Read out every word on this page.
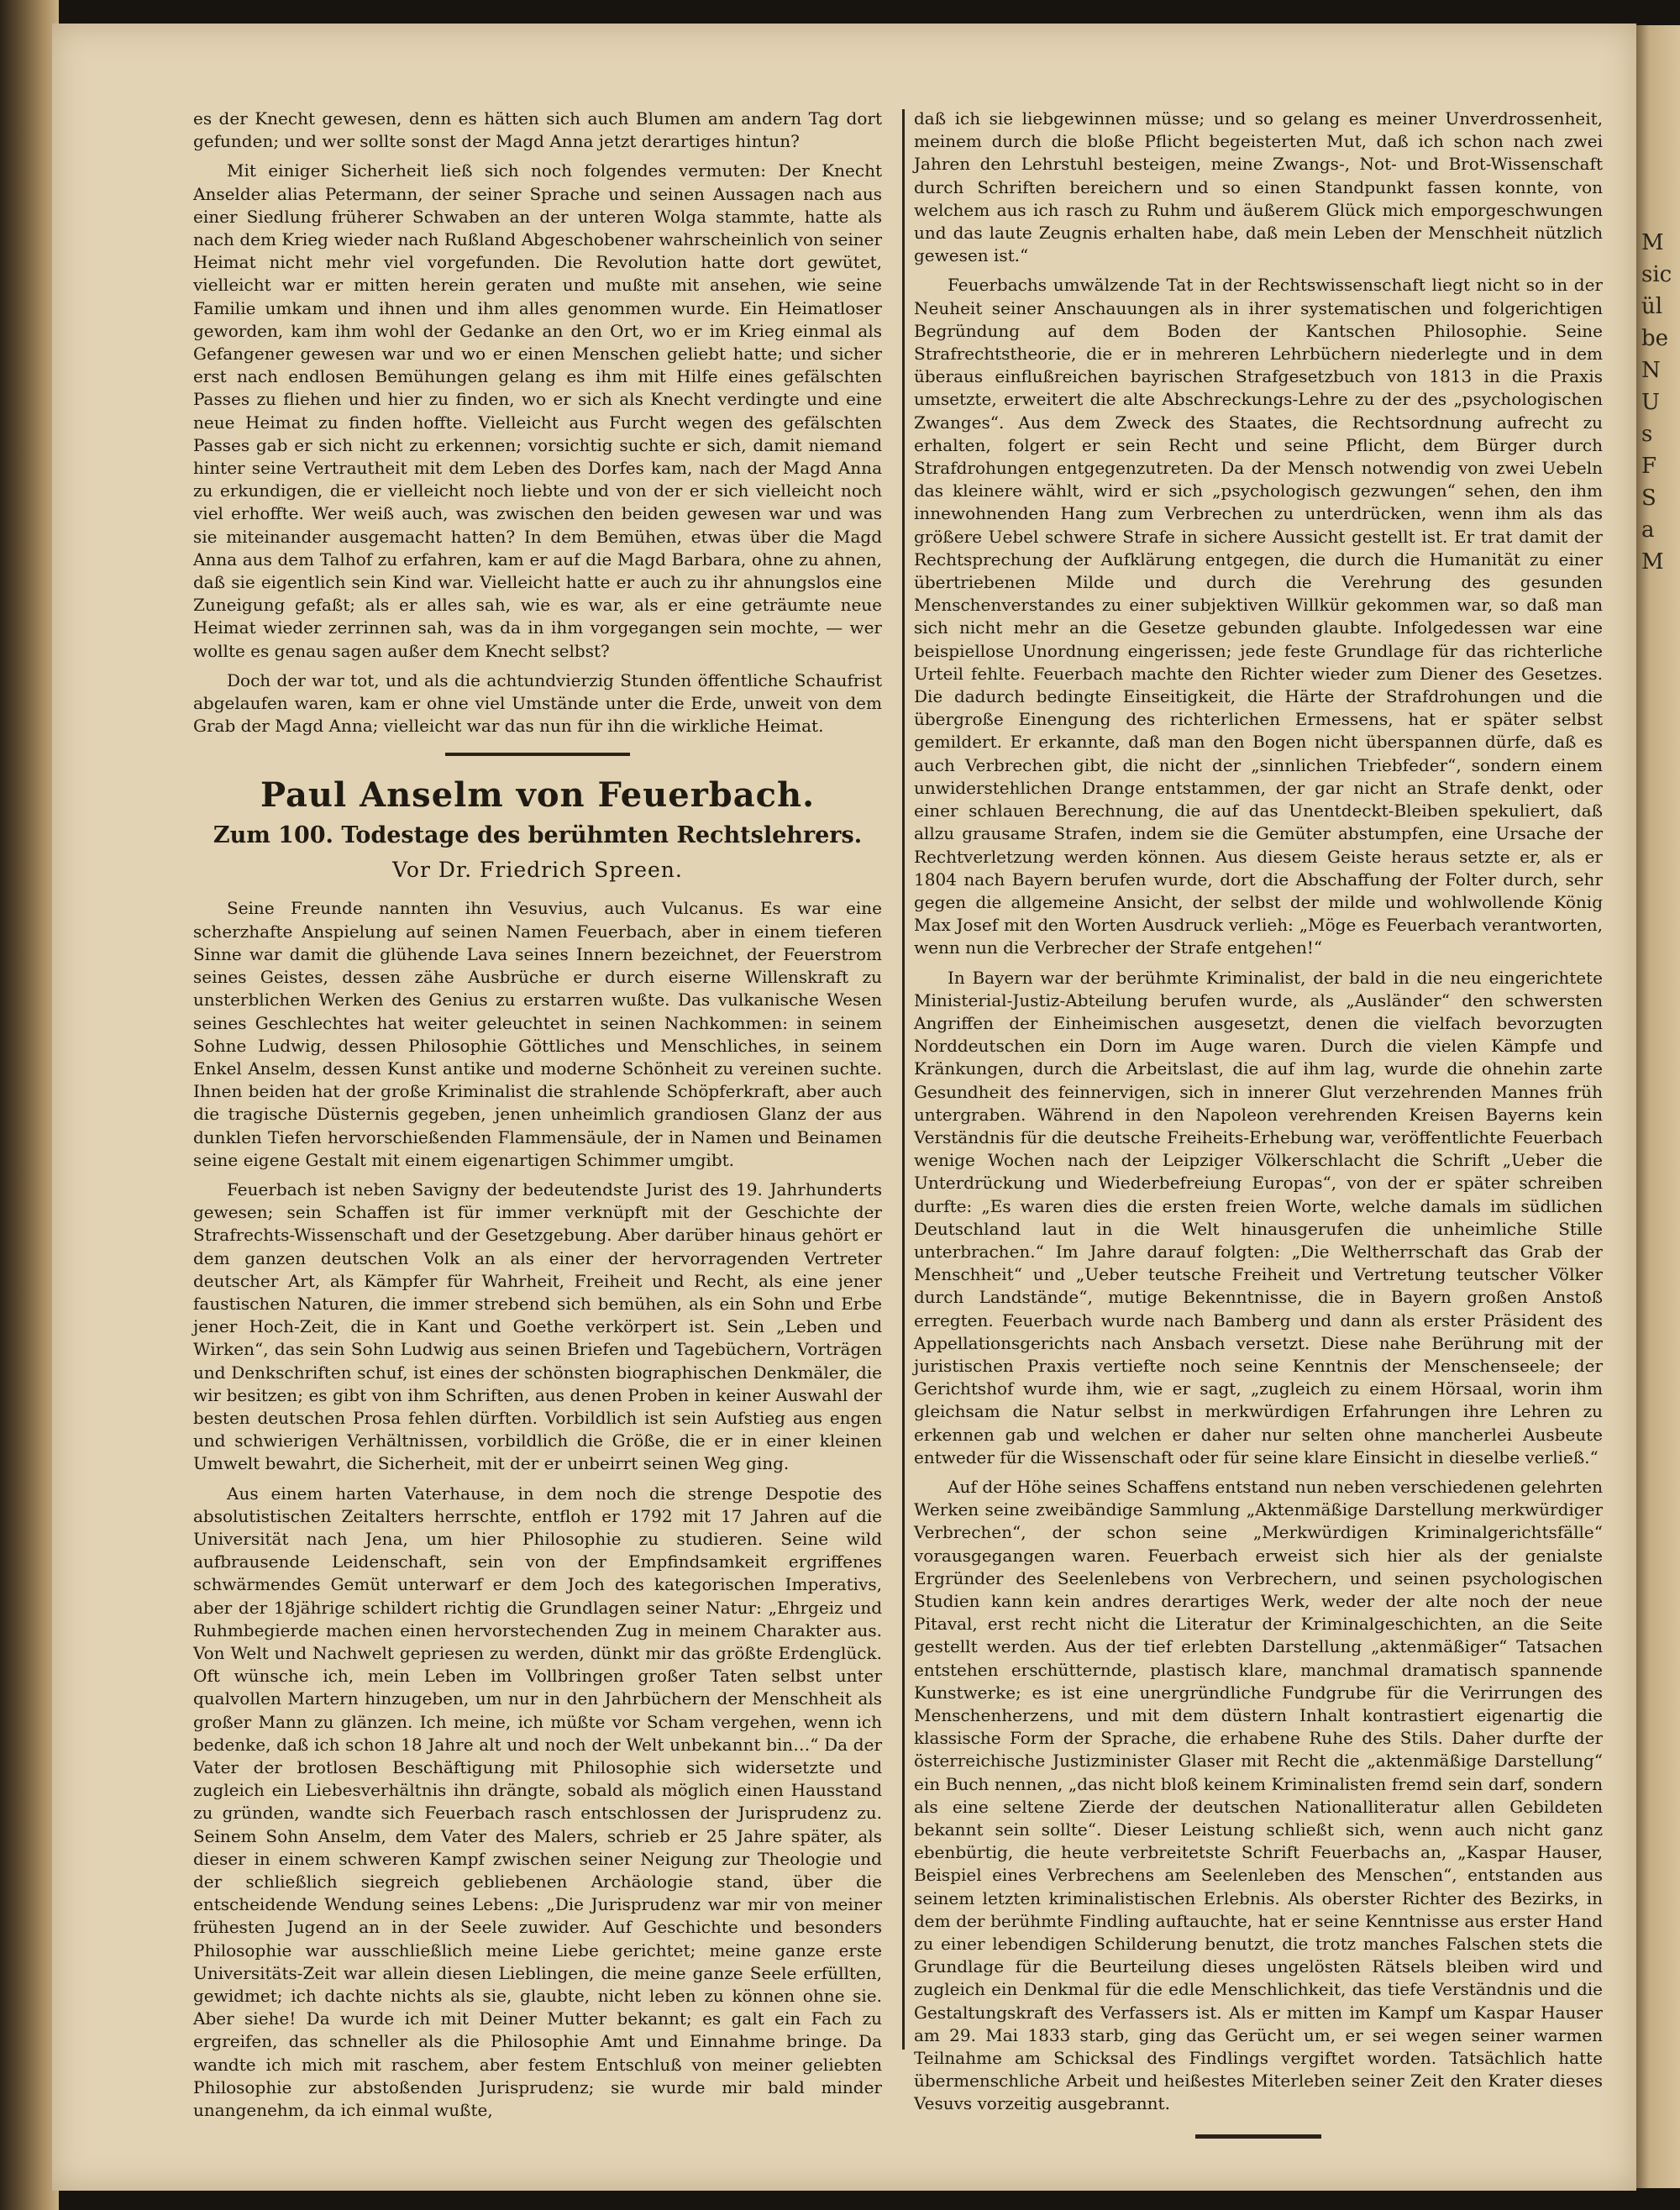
M

sic

ül

be

N

U

s

F

S

a

M

es der Knecht gewesen, denn es hätten sich auch Blumen am andern Tag dort gefunden; und wer sollte sonst der Magd Anna jetzt derartiges hintun?

Mit einiger Sicherheit ließ sich noch folgendes vermuten: Der Knecht Anselder alias Petermann, der seiner Sprache und seinen Aussagen nach aus einer Siedlung früherer Schwaben an der unteren Wolga stammte, hatte als nach dem Krieg wieder nach Rußland Abgeschobener wahrscheinlich von seiner Heimat nicht mehr viel vorgefunden. Die Revolution hatte dort gewütet, vielleicht war er mitten herein geraten und mußte mit ansehen, wie seine Familie umkam und ihnen und ihm alles genommen wurde. Ein Heimatloser geworden, kam ihm wohl der Gedanke an den Ort, wo er im Krieg einmal als Gefangener gewesen war und wo er einen Menschen geliebt hatte; und sicher erst nach endlosen Bemühungen gelang es ihm mit Hilfe eines gefälschten Passes zu fliehen und hier zu finden, wo er sich als Knecht verdingte und eine neue Heimat zu finden hoffte. Vielleicht aus Furcht wegen des gefälschten Passes gab er sich nicht zu erkennen; vorsichtig suchte er sich, damit niemand hinter seine Vertrautheit mit dem Leben des Dorfes kam, nach der Magd Anna zu erkundigen, die er vielleicht noch liebte und von der er sich vielleicht noch viel erhoffte. Wer weiß auch, was zwischen den beiden gewesen war und was sie miteinander ausgemacht hatten? In dem Bemühen, etwas über die Magd Anna aus dem Talhof zu erfahren, kam er auf die Magd Barbara, ohne zu ahnen, daß sie eigentlich sein Kind war. Vielleicht hatte er auch zu ihr ahnungslos eine Zuneigung gefaßt; als er alles sah, wie es war, als er eine geträumte neue Heimat wieder zerrinnen sah, was da in ihm vorgegangen sein mochte, — wer wollte es genau sagen außer dem Knecht selbst?

Doch der war tot, und als die achtundvierzig Stunden öffentliche Schaufrist abgelaufen waren, kam er ohne viel Umstände unter die Erde, unweit von dem Grab der Magd Anna; vielleicht war das nun für ihn die wirkliche Heimat.

Paul Anselm von Feuerbach.
Zum 100. Todestage des berühmten Rechtslehrers.
Vor Dr. Friedrich Spreen.

Seine Freunde nannten ihn Vesuvius, auch Vulcanus. Es war eine scherzhafte Anspielung auf seinen Namen Feuerbach, aber in einem tieferen Sinne war damit die glühende Lava seines Innern bezeichnet, der Feuerstrom seines Geistes, dessen zähe Ausbrüche er durch eiserne Willenskraft zu unsterblichen Werken des Genius zu erstarren wußte. Das vulkanische Wesen seines Geschlechtes hat weiter geleuchtet in seinen Nachkommen: in seinem Sohne Ludwig, dessen Philosophie Göttliches und Menschliches, in seinem Enkel Anselm, dessen Kunst antike und moderne Schönheit zu vereinen suchte. Ihnen beiden hat der große Kriminalist die strahlende Schöpferkraft, aber auch die tragische Düsternis gegeben, jenen unheimlich grandiosen Glanz der aus dunklen Tiefen hervorschießenden Flammensäule, der in Namen und Beinamen seine eigene Gestalt mit einem eigenartigen Schimmer umgibt.

Feuerbach ist neben Savigny der bedeutendste Jurist des 19. Jahrhunderts gewesen; sein Schaffen ist für immer verknüpft mit der Geschichte der Strafrechts-Wissenschaft und der Gesetzgebung. Aber darüber hinaus gehört er dem ganzen deutschen Volk an als einer der hervorragenden Vertreter deutscher Art, als Kämpfer für Wahrheit, Freiheit und Recht, als eine jener faustischen Naturen, die immer strebend sich bemühen, als ein Sohn und Erbe jener Hoch-Zeit, die in Kant und Goethe verkörpert ist. Sein „Leben und Wirken“, das sein Sohn Ludwig aus seinen Briefen und Tagebüchern, Vorträgen und Denkschriften schuf, ist eines der schönsten biographischen Denkmäler, die wir besitzen; es gibt von ihm Schriften, aus denen Proben in keiner Auswahl der besten deutschen Prosa fehlen dürften. Vorbildlich ist sein Aufstieg aus engen und schwierigen Verhältnissen, vorbildlich die Größe, die er in einer kleinen Umwelt bewahrt, die Sicherheit, mit der er unbeirrt seinen Weg ging.

Aus einem harten Vaterhause, in dem noch die strenge Despotie des absolutistischen Zeitalters herrschte, entfloh er 1792 mit 17 Jahren auf die Universität nach Jena, um hier Philosophie zu studieren. Seine wild aufbrausende Leidenschaft, sein von der Empfindsamkeit ergriffenes schwärmendes Gemüt unterwarf er dem Joch des kategorischen Imperativs, aber der 18jährige schildert richtig die Grundlagen seiner Natur: „Ehrgeiz und Ruhmbegierde machen einen hervorstechenden Zug in meinem Charakter aus. Von Welt und Nachwelt gepriesen zu werden, dünkt mir das größte Erdenglück. Oft wünsche ich, mein Leben im Vollbringen großer Taten selbst unter qualvollen Martern hinzugeben, um nur in den Jahrbüchern der Menschheit als großer Mann zu glänzen. Ich meine, ich müßte vor Scham vergehen, wenn ich bedenke, daß ich schon 18 Jahre alt und noch der Welt unbekannt bin…“ Da der Vater der brotlosen Beschäftigung mit Philosophie sich widersetzte und zugleich ein Liebesverhältnis ihn drängte, sobald als möglich einen Hausstand zu gründen, wandte sich Feuerbach rasch entschlossen der Jurisprudenz zu. Seinem Sohn Anselm, dem Vater des Malers, schrieb er 25 Jahre später, als dieser in einem schweren Kampf zwischen seiner Neigung zur Theologie und der schließlich siegreich gebliebenen Archäologie stand, über die entscheidende Wendung seines Lebens: „Die Jurisprudenz war mir von meiner frühesten Jugend an in der Seele zuwider. Auf Geschichte und besonders Philosophie war ausschließlich meine Liebe gerichtet; meine ganze erste Universitäts-Zeit war allein diesen Lieblingen, die meine ganze Seele erfüllten, gewidmet; ich dachte nichts als sie, glaubte, nicht leben zu können ohne sie. Aber siehe! Da wurde ich mit Deiner Mutter bekannt; es galt ein Fach zu ergreifen, das schneller als die Philosophie Amt und Einnahme bringe. Da wandte ich mich mit raschem, aber festem Entschluß von meiner geliebten Philosophie zur abstoßenden Jurisprudenz; sie wurde mir bald minder unangenehm, da ich einmal wußte,

daß ich sie liebgewinnen müsse; und so gelang es meiner Unverdrossenheit, meinem durch die bloße Pflicht begeisterten Mut, daß ich schon nach zwei Jahren den Lehrstuhl besteigen, meine Zwangs-, Not- und Brot-Wissenschaft durch Schriften bereichern und so einen Standpunkt fassen konnte, von welchem aus ich rasch zu Ruhm und äußerem Glück mich emporgeschwungen und das laute Zeugnis erhalten habe, daß mein Leben der Menschheit nützlich gewesen ist.“

Feuerbachs umwälzende Tat in der Rechtswissenschaft liegt nicht so in der Neuheit seiner Anschauungen als in ihrer systematischen und folgerichtigen Begründung auf dem Boden der Kantschen Philosophie. Seine Strafrechtstheorie, die er in mehreren Lehrbüchern niederlegte und in dem überaus einflußreichen bayrischen Strafgesetzbuch von 1813 in die Praxis umsetzte, erweitert die alte Abschreckungs-Lehre zu der des „psychologischen Zwanges“. Aus dem Zweck des Staates, die Rechtsordnung aufrecht zu erhalten, folgert er sein Recht und seine Pflicht, dem Bürger durch Strafdrohungen entgegenzutreten. Da der Mensch notwendig von zwei Uebeln das kleinere wählt, wird er sich „psychologisch gezwungen“ sehen, den ihm innewohnenden Hang zum Verbrechen zu unterdrücken, wenn ihm als das größere Uebel schwere Strafe in sichere Aussicht gestellt ist. Er trat damit der Rechtsprechung der Aufklärung entgegen, die durch die Humanität zu einer übertriebenen Milde und durch die Verehrung des gesunden Menschenverstandes zu einer subjektiven Willkür gekommen war, so daß man sich nicht mehr an die Gesetze gebunden glaubte. Infolgedessen war eine beispiellose Unordnung eingerissen; jede feste Grundlage für das richterliche Urteil fehlte. Feuerbach machte den Richter wieder zum Diener des Gesetzes. Die dadurch bedingte Einseitigkeit, die Härte der Strafdrohungen und die übergroße Einengung des richterlichen Ermessens, hat er später selbst gemildert. Er erkannte, daß man den Bogen nicht überspannen dürfe, daß es auch Verbrechen gibt, die nicht der „sinnlichen Triebfeder“, sondern einem unwiderstehlichen Drange entstammen, der gar nicht an Strafe denkt, oder einer schlauen Berechnung, die auf das Unentdeckt-Bleiben spekuliert, daß allzu grausame Strafen, indem sie die Gemüter abstumpfen, eine Ursache der Rechtverletzung werden können. Aus diesem Geiste heraus setzte er, als er 1804 nach Bayern berufen wurde, dort die Abschaffung der Folter durch, sehr gegen die allgemeine Ansicht, der selbst der milde und wohlwollende König Max Josef mit den Worten Ausdruck verlieh: „Möge es Feuerbach verantworten, wenn nun die Verbrecher der Strafe entgehen!“

In Bayern war der berühmte Kriminalist, der bald in die neu eingerichtete Ministerial-Justiz-Abteilung berufen wurde, als „Ausländer“ den schwersten Angriffen der Einheimischen ausgesetzt, denen die vielfach bevorzugten Norddeutschen ein Dorn im Auge waren. Durch die vielen Kämpfe und Kränkungen, durch die Arbeitslast, die auf ihm lag, wurde die ohnehin zarte Gesundheit des feinnervigen, sich in innerer Glut verzehrenden Mannes früh untergraben. Während in den Napoleon verehrenden Kreisen Bayerns kein Verständnis für die deutsche Freiheits-Erhebung war, veröffentlichte Feuerbach wenige Wochen nach der Leipziger Völkerschlacht die Schrift „Ueber die Unterdrückung und Wiederbefreiung Europas“, von der er später schreiben durfte: „Es waren dies die ersten freien Worte, welche damals im südlichen Deutschland laut in die Welt hinausgerufen die unheimliche Stille unterbrachen.“ Im Jahre darauf folgten: „Die Weltherrschaft das Grab der Menschheit“ und „Ueber teutsche Freiheit und Vertretung teutscher Völker durch Landstände“, mutige Bekenntnisse, die in Bayern großen Anstoß erregten. Feuerbach wurde nach Bamberg und dann als erster Präsident des Appellationsgerichts nach Ansbach versetzt. Diese nahe Berührung mit der juristischen Praxis vertiefte noch seine Kenntnis der Menschenseele; der Gerichtshof wurde ihm, wie er sagt, „zugleich zu einem Hörsaal, worin ihm gleichsam die Natur selbst in merkwürdigen Erfahrungen ihre Lehren zu erkennen gab und welchen er daher nur selten ohne mancherlei Ausbeute entweder für die Wissenschaft oder für seine klare Einsicht in dieselbe verließ.“

Auf der Höhe seines Schaffens entstand nun neben verschiedenen gelehrten Werken seine zweibändige Sammlung „Aktenmäßige Darstellung merkwürdiger Verbrechen“, der schon seine „Merkwürdigen Kriminalgerichtsfälle“ vorausgegangen waren. Feuerbach erweist sich hier als der genialste Ergründer des Seelenlebens von Verbrechern, und seinen psychologischen Studien kann kein andres derartiges Werk, weder der alte noch der neue Pitaval, erst recht nicht die Literatur der Kriminalgeschichten, an die Seite gestellt werden. Aus der tief erlebten Darstellung „aktenmäßiger“ Tatsachen entstehen erschütternde, plastisch klare, manchmal dramatisch spannende Kunstwerke; es ist eine unergründliche Fundgrube für die Verirrungen des Menschenherzens, und mit dem düstern Inhalt kontrastiert eigenartig die klassische Form der Sprache, die erhabene Ruhe des Stils. Daher durfte der österreichische Justizminister Glaser mit Recht die „aktenmäßige Darstellung“ ein Buch nennen, „das nicht bloß keinem Kriminalisten fremd sein darf, sondern als eine seltene Zierde der deutschen Nationalliteratur allen Gebildeten bekannt sein sollte“. Dieser Leistung schließt sich, wenn auch nicht ganz ebenbürtig, die heute verbreitetste Schrift Feuerbachs an, „Kaspar Hauser, Beispiel eines Verbrechens am Seelenleben des Menschen“, entstanden aus seinem letzten kriminalistischen Erlebnis. Als oberster Richter des Bezirks, in dem der berühmte Findling auftauchte, hat er seine Kenntnisse aus erster Hand zu einer lebendigen Schilderung benutzt, die trotz manches Falschen stets die Grundlage für die Beurteilung dieses ungelösten Rätsels bleiben wird und zugleich ein Denkmal für die edle Menschlichkeit, das tiefe Verständnis und die Gestaltungskraft des Verfassers ist. Als er mitten im Kampf um Kaspar Hauser am 29. Mai 1833 starb, ging das Gerücht um, er sei wegen seiner warmen Teilnahme am Schicksal des Findlings vergiftet worden. Tatsächlich hatte übermenschliche Arbeit und heißestes Miterleben seiner Zeit den Krater dieses Vesuvs vorzeitig ausgebrannt.
